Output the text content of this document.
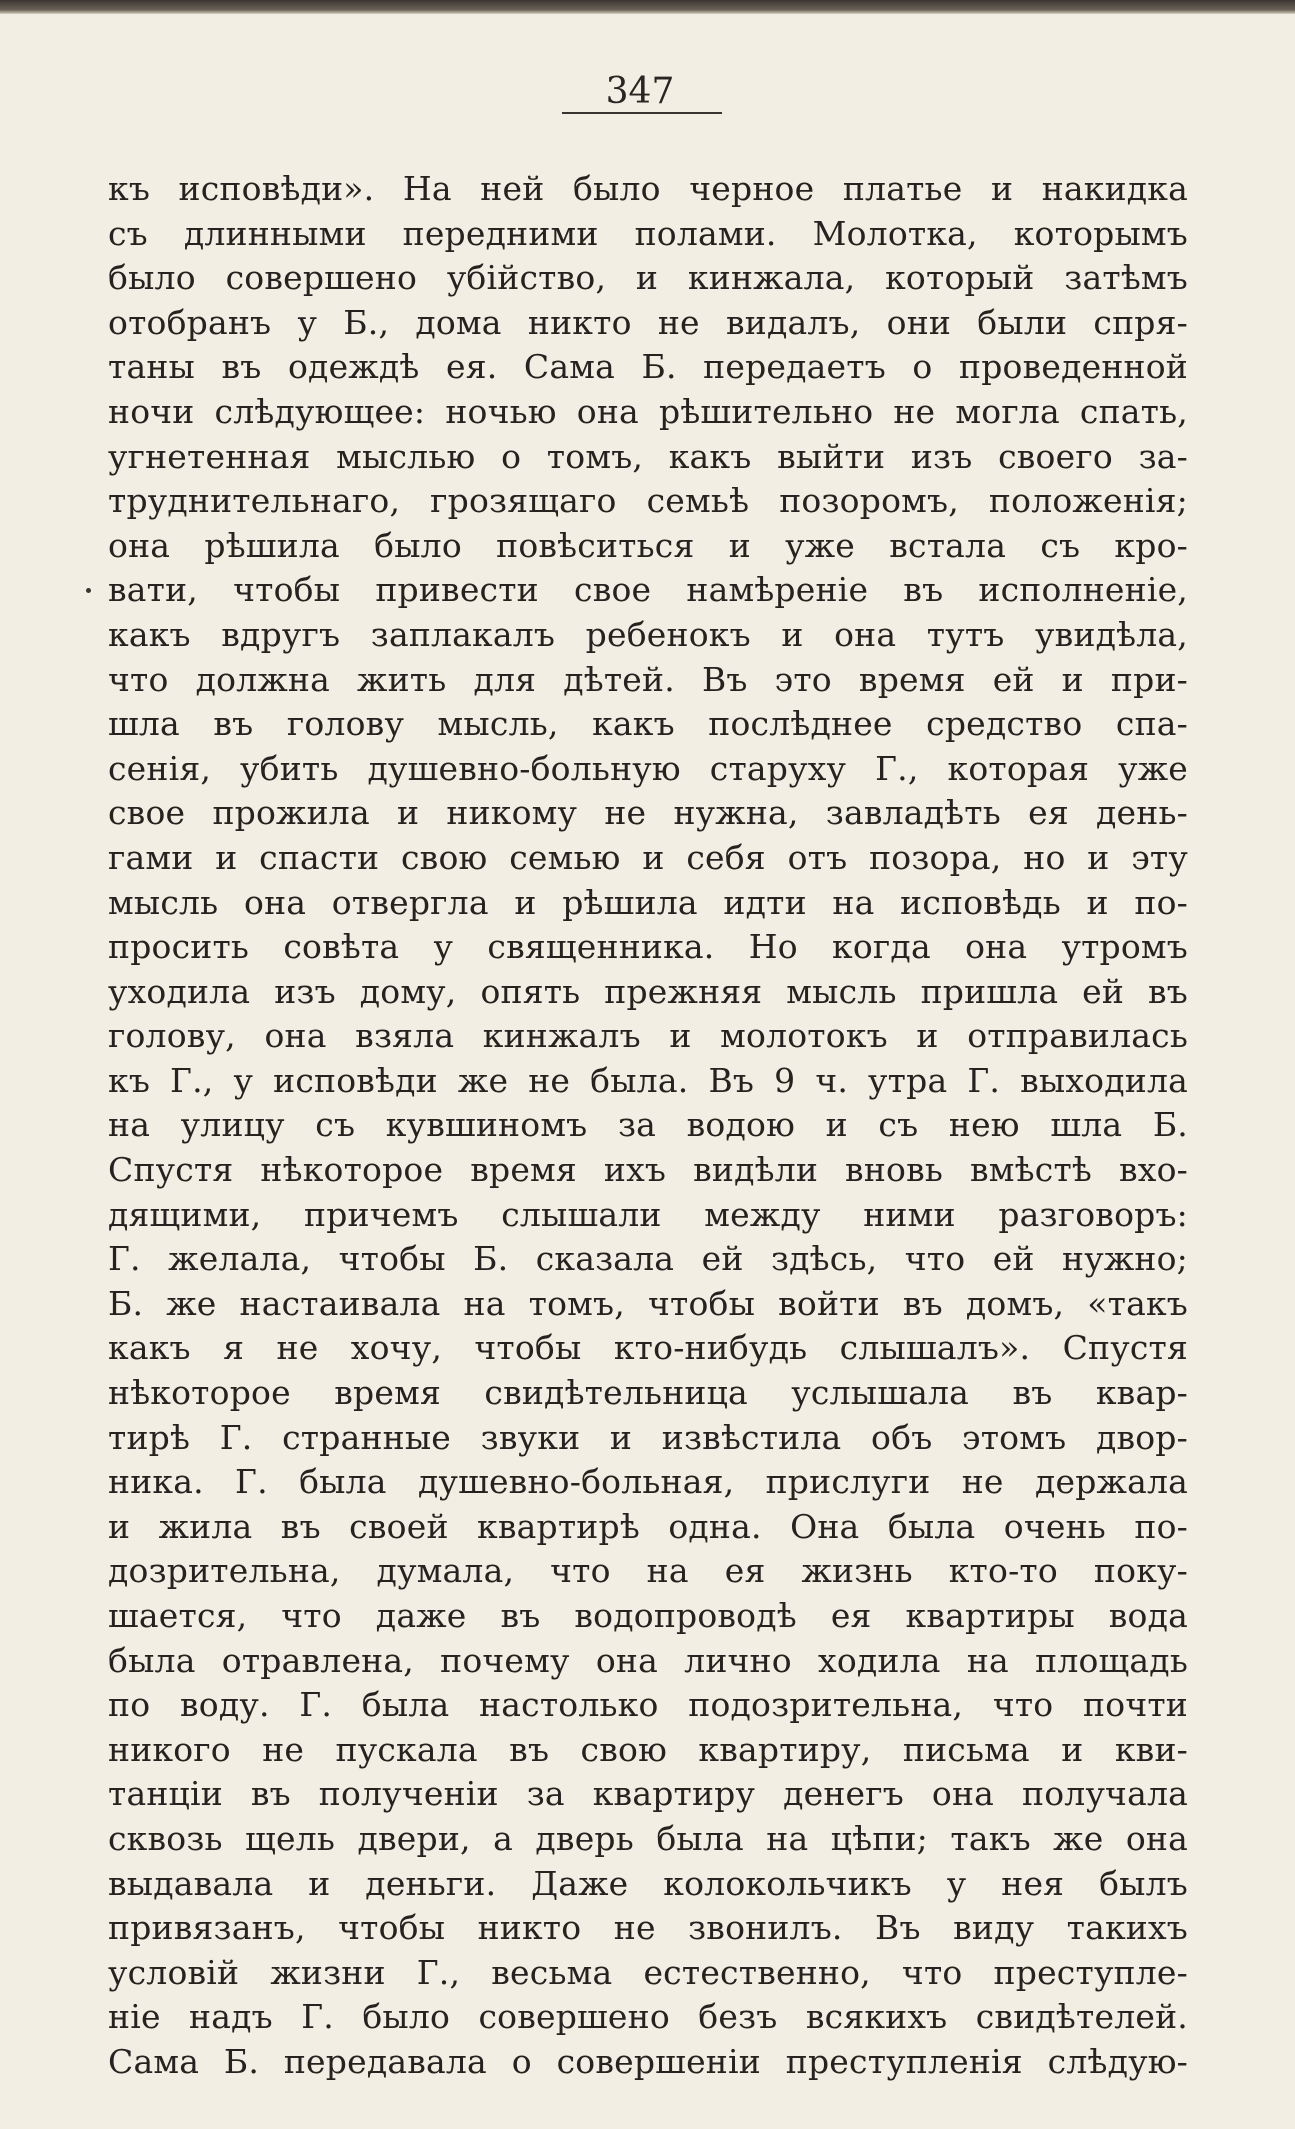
347
къ исповѣди». На ней было черное платье и накидка
съ длинными передними полами. Молотка, которымъ
было совершено убійство, и кинжала, который затѣмъ
отобранъ у Б., дома никто не видалъ, они были спря-
таны въ одеждѣ ея. Сама Б. передаетъ о проведенной
ночи слѣдующее: ночью она рѣшительно не могла спать,
угнетенная мыслью о томъ, какъ выйти изъ своего за-
труднительнаго, грозящаго семьѣ позоромъ, положенія;
она рѣшила было повѣситься и уже встала съ кро-
вати, чтобы привести свое намѣреніе въ исполненіе,
какъ вдругъ заплакалъ ребенокъ и она тутъ увидѣла,
что должна жить для дѣтей. Въ это время ей и при-
шла въ голову мысль, какъ послѣднее средство спа-
сенія, убить душевно-больную старуху Г., которая уже
свое прожила и никому не нужна, завладѣть ея день-
гами и спасти свою семью и себя отъ позора, но и эту
мысль она отвергла и рѣшила идти на исповѣдь и по-
просить совѣта у священника. Но когда она утромъ
уходила изъ дому, опять прежняя мысль пришла ей въ
голову, она взяла кинжалъ и молотокъ и отправилась
къ Г., у исповѣди же не была. Въ 9 ч. утра Г. выходила
на улицу съ кувшиномъ за водою и съ нею шла Б.
Спустя нѣкоторое время ихъ видѣли вновь вмѣстѣ вхо-
дящими, причемъ слышали между ними разговоръ:
Г. желала, чтобы Б. сказала ей здѣсь, что ей нужно;
Б. же настаивала на томъ, чтобы войти въ домъ, «такъ
какъ я не хочу, чтобы кто-нибудь слышалъ». Спустя
нѣкоторое время свидѣтельница услышала въ квар-
тирѣ Г. странные звуки и извѣстила объ этомъ двор-
ника. Г. была душевно-больная, прислуги не держала
и жила въ своей квартирѣ одна. Она была очень по-
дозрительна, думала, что на ея жизнь кто-то поку-
шается, что даже въ водопроводѣ ея квартиры вода
была отравлена, почему она лично ходила на площадь
по воду. Г. была настолько подозрительна, что почти
никого не пускала въ свою квартиру, письма и кви-
танціи въ полученіи за квартиру денегъ она получала
сквозь щель двери, а дверь была на цѣпи; такъ же она
выдавала и деньги. Даже колокольчикъ у нея былъ
привязанъ, чтобы никто не звонилъ. Въ виду такихъ
условій жизни Г., весьма естественно, что преступле-
ніе надъ Г. было совершено безъ всякихъ свидѣтелей.
Сама Б. передавала о совершеніи преступленія слѣдую-
